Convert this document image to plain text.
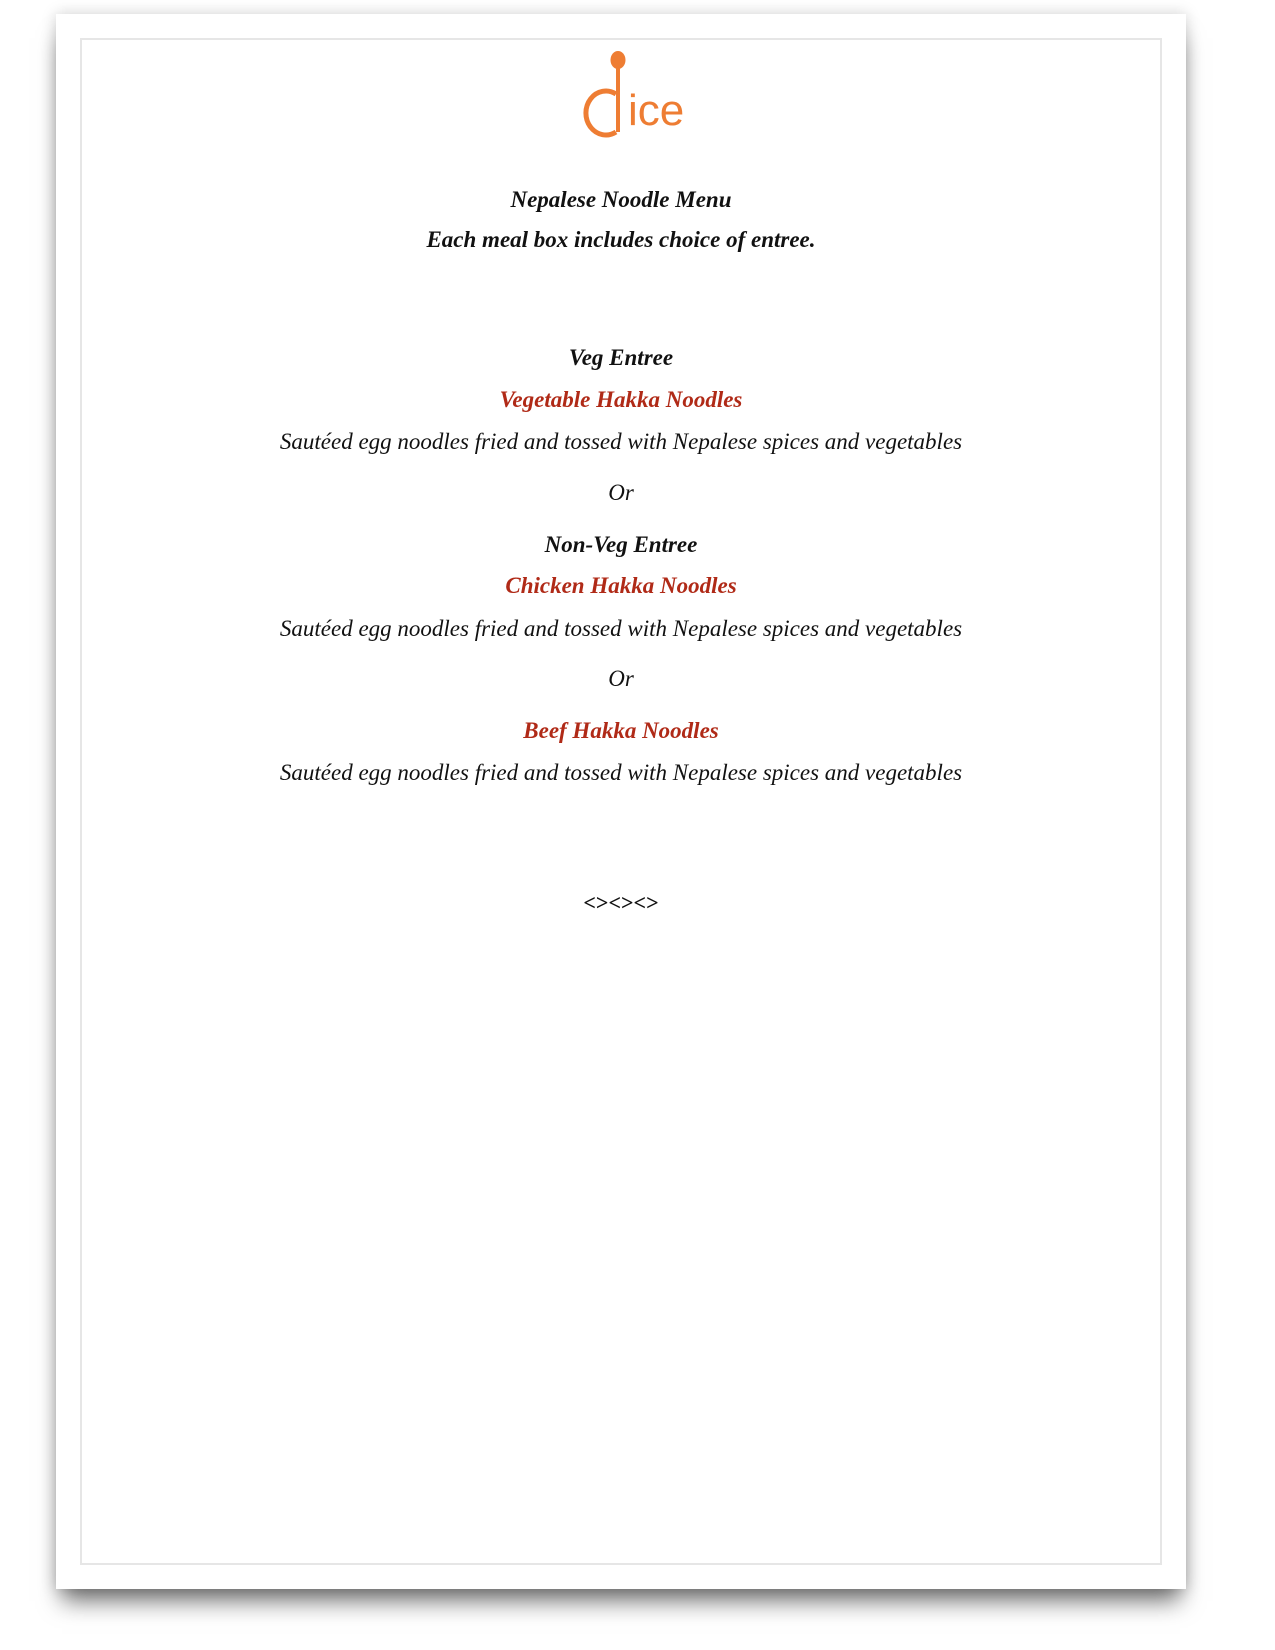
ice
Nepalese Noodle Menu
Each meal box includes choice of entree.
Veg Entree
Vegetable Hakka Noodles
Sautéed egg noodles fried and tossed with Nepalese spices and vegetables
Or
Non-Veg Entree
Chicken Hakka Noodles
Sautéed egg noodles fried and tossed with Nepalese spices and vegetables
Or
Beef Hakka Noodles
Sautéed egg noodles fried and tossed with Nepalese spices and vegetables
<><><>
